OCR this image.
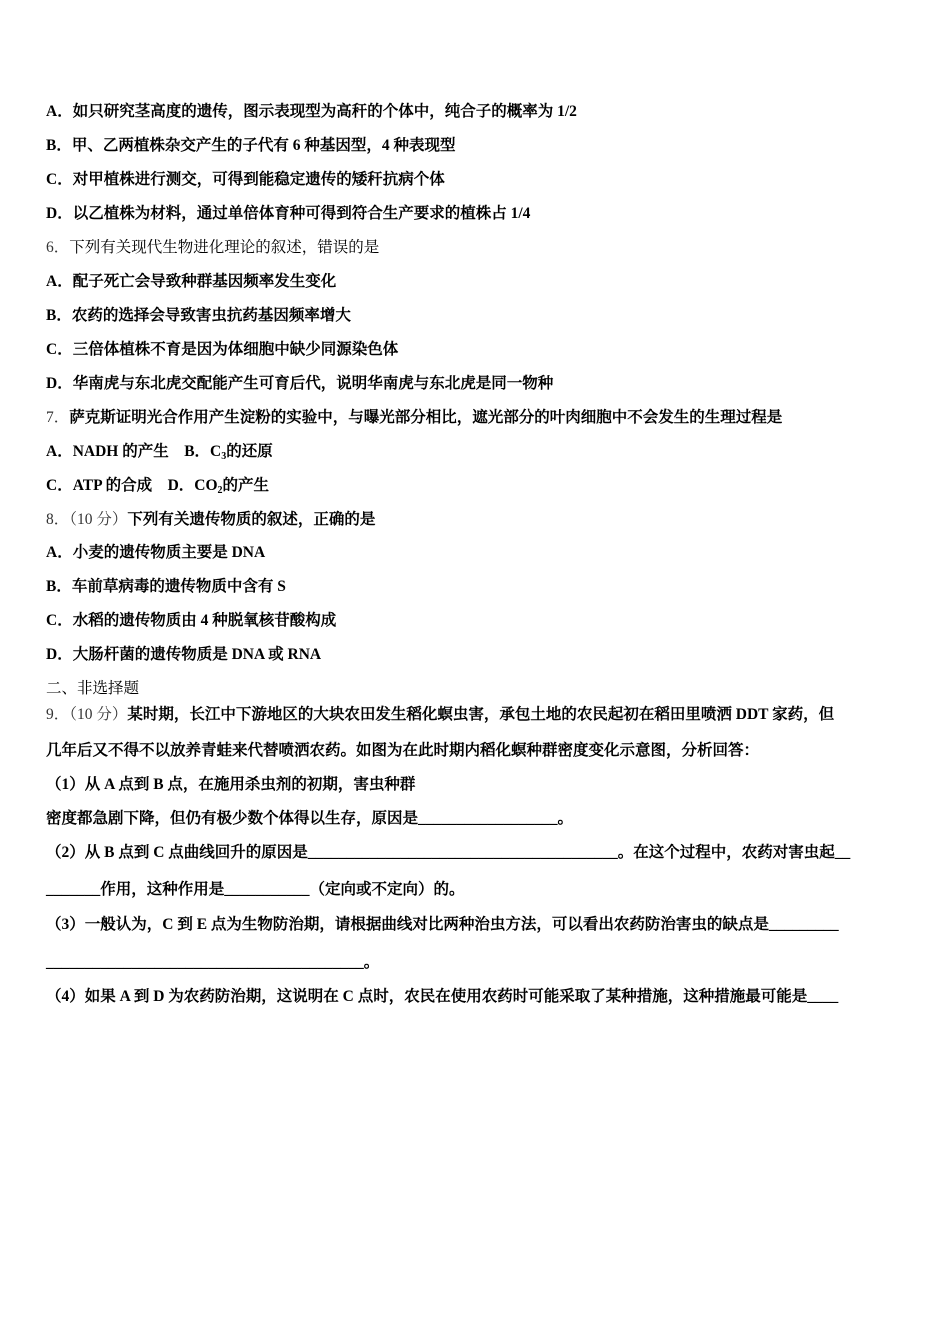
A．如只研究茎高度的遗传，图示表现型为高秆的个体中，纯合子的概率为 1/2
B．甲、乙两植株杂交产生的子代有 6 种基因型，4 种表现型
C．对甲植株进行测交，可得到能稳定遗传的矮秆抗病个体
D．以乙植株为材料，通过单倍体育种可得到符合生产要求的植株占 1/4
6．下列有关现代生物进化理论的叙述，错误的是
A．配子死亡会导致种群基因频率发生变化
B．农药的选择会导致害虫抗药基因频率增大
C．三倍体植株不育是因为体细胞中缺少同源染色体
D．华南虎与东北虎交配能产生可育后代，说明华南虎与东北虎是同一物种
7．萨克斯证明光合作用产生淀粉的实验中，与曝光部分相比，遮光部分的叶肉细胞中不会发生的生理过程是
A．NADH 的产生 B．$C_3$的还原
C．ATP 的合成 D．$CO_2$的产生
8．（10 分）下列有关遗传物质的叙述，正确的是
A．小麦的遗传物质主要是 DNA
B．车前草病毒的遗传物质中含有 S
C．水稻的遗传物质由 4 种脱氧核苷酸构成
D．大肠杆菌的遗传物质是 DNA 或 RNA
二、非选择题
9．（10 分）某时期，长江中下游地区的大块农田发生稻化螟虫害，承包土地的农民起初在稻田里喷洒 DDT 家药，但
几年后又不得不以放养青蛙来代替喷洒农药。如图为在此时期内稻化螟种群密度变化示意图，分析回答：
（1）从 A 点到 B 点，在施用杀虫剂的初期，害虫种群
密度都急剧下降，但仍有极少数个体得以生存，原因是__________________。
（2）从 B 点到 C 点曲线回升的原因是________________________________________。在这个过程中，农药对害虫起__
_______作用，这种作用是___________（定向或不定向）的。
（3）一般认为，C 到 E 点为生物防治期，请根据曲线对比两种治虫方法，可以看出农药防治害虫的缺点是_________
_________________________________________。
（4）如果 A 到 D 为农药防治期，这说明在 C 点时，农民在使用农药时可能采取了某种措施，这种措施最可能是____
